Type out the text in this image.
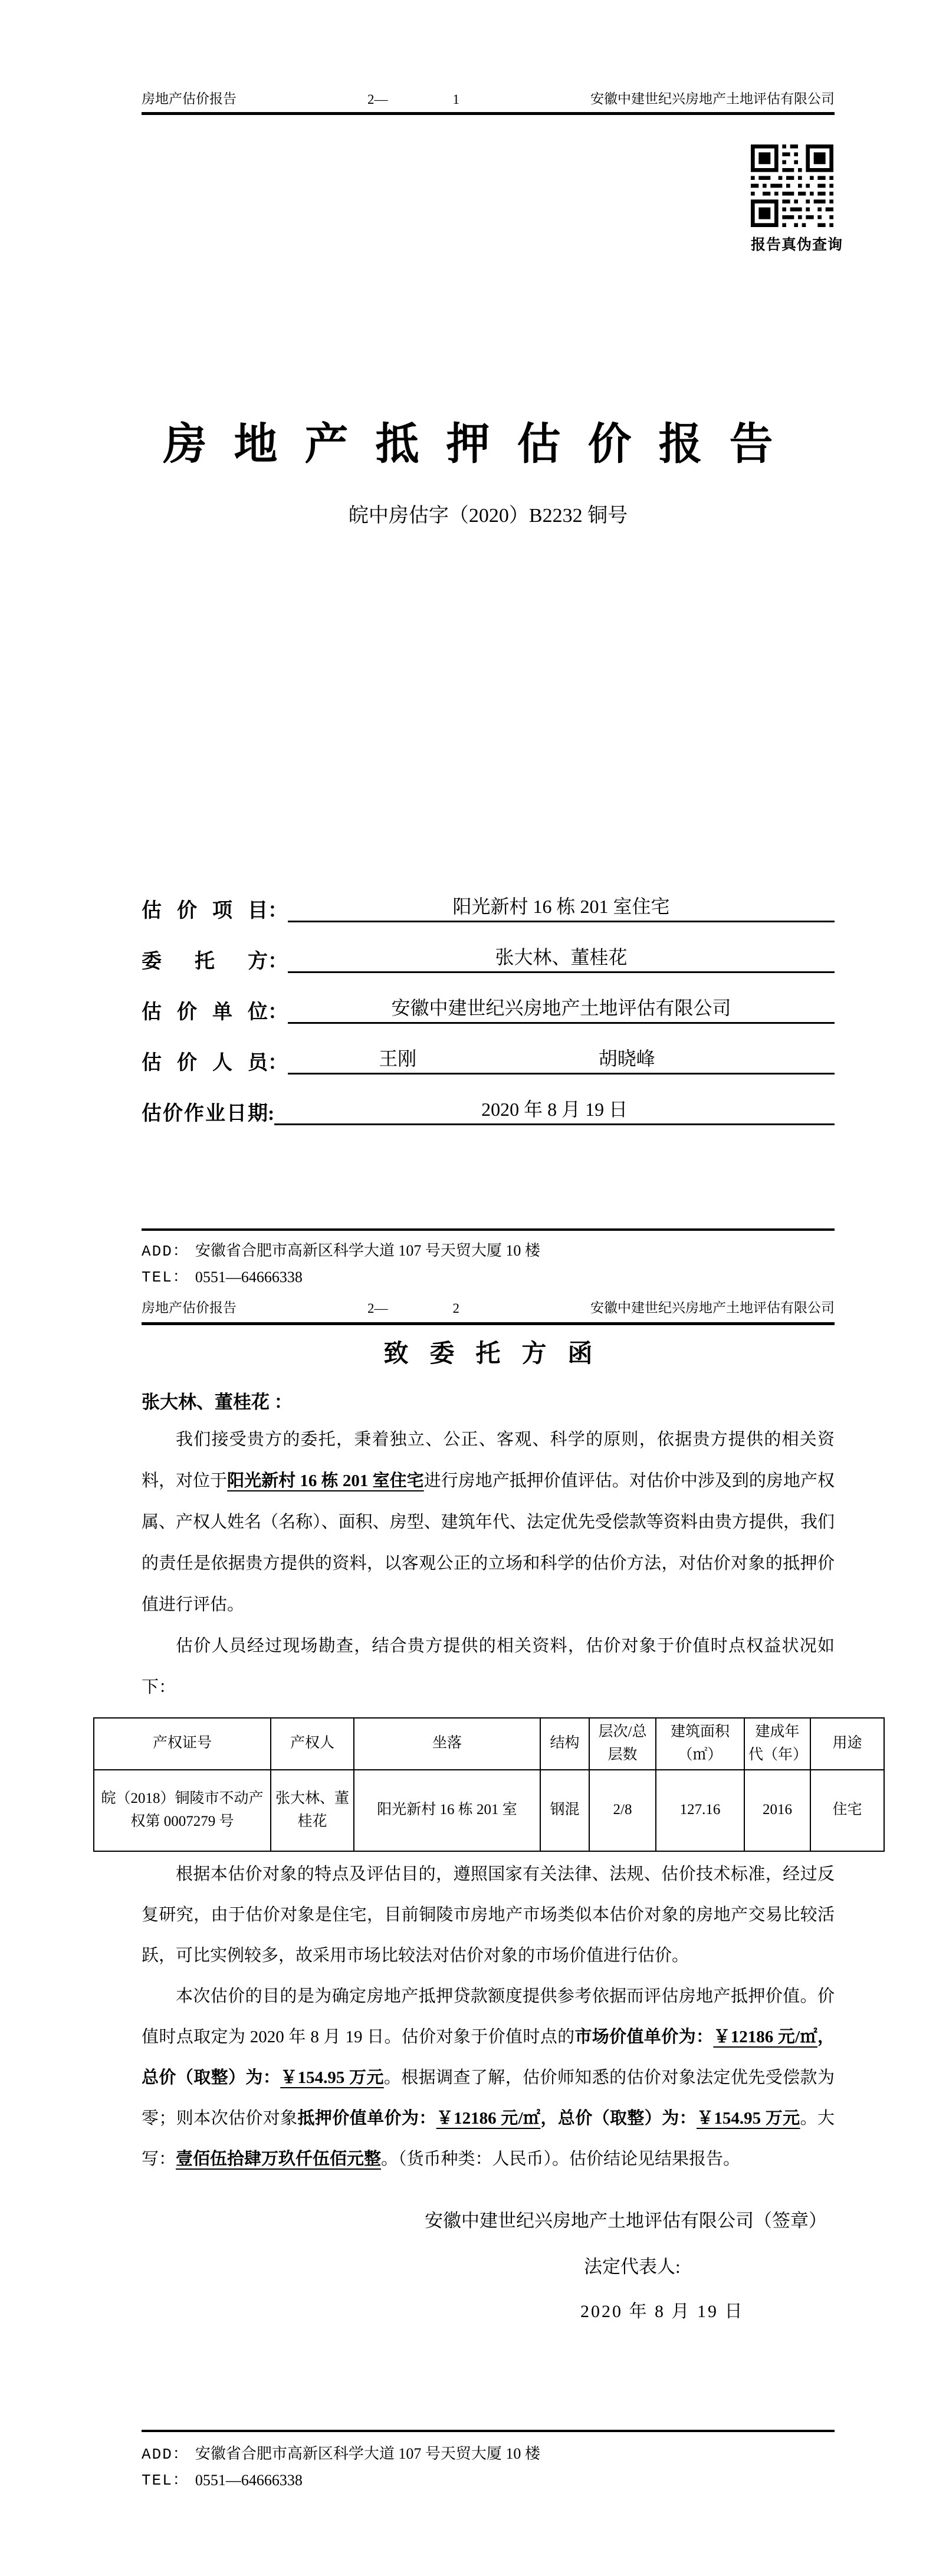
房地产估价报告	2—	1	安徽中建世纪兴房地产土地评估有限公司
报告真伪查询
房地产抵押估价报告
皖中房估字（2020）B2232 铜号
估价项目 ：	阳光新村 16 栋 201 室住宅
委托方 ：	张大林、董桂花
估价单位 ：	安徽中建世纪兴房地产土地评估有限公司
估价人员 ：	王刚	胡晓峰
估价作业日期 :	2020 年 8 月 19 日
ADD： 安徽省合肥市高新区科学大道 107 号天贸大厦 10 楼
TEL： 0551—64666338
房地产估价报告	2—	2	安徽中建世纪兴房地产土地评估有限公司
致委托方函
张大林、董桂花 ：

我们接受贵方的委托，秉着独立、公正、客观、科学的原则，依据贵方提供的相关资料，对位于阳光新村 16 栋 201 室住宅进行房地产抵押价值评估。对估价中涉及到的房地产权属、产权人姓名（名称）、面积、房型、建筑年代、法定优先受偿款等资料由贵方提供，我们的责任是依据贵方提供的资料，以客观公正的立场和科学的估价方法，对估价对象的抵押价值进行评估。

估价人员经过现场勘查，结合贵方提供的相关资料，估价对象于价值时点权益状况如下：

产权证号	产权人	坐落	结构	层次/总层数	建筑面积（㎡）	建成年代（年）	用途
皖（2018）铜陵市不动产权第 0007279 号	张大林、董桂花	阳光新村 16 栋 201 室	钢混	2/8	127.16	2016	住宅

根据本估价对象的特点及评估目的，遵照国家有关法律、法规、估价技术标准，经过反复研究，由于估价对象是住宅，目前铜陵市房地产市场类似本估价对象的房地产交易比较活跃，可比实例较多，故采用市场比较法对估价对象的市场价值进行估价。

本次估价的目的是为确定房地产抵押贷款额度提供参考依据而评估房地产抵押价值。价值时点取定为 2020 年 8 月 19 日。估价对象于价值时点的市场价值单价为：￥12186 元/㎡，总价（取整）为：￥154.95 万元。根据调查了解，估价师知悉的估价对象法定优先受偿款为零；则本次估价对象抵押价值单价为：￥12186 元/㎡，总价（取整）为：￥154.95 万元。大写：壹佰伍拾肆万玖仟伍佰元整。（货币种类：人民币）。估价结论见结果报告。

安徽中建世纪兴房地产土地评估有限公司（签章）
法定代表人:
2020 年 8 月 19 日
ADD： 安徽省合肥市高新区科学大道 107 号天贸大厦 10 楼
TEL： 0551—64666338
